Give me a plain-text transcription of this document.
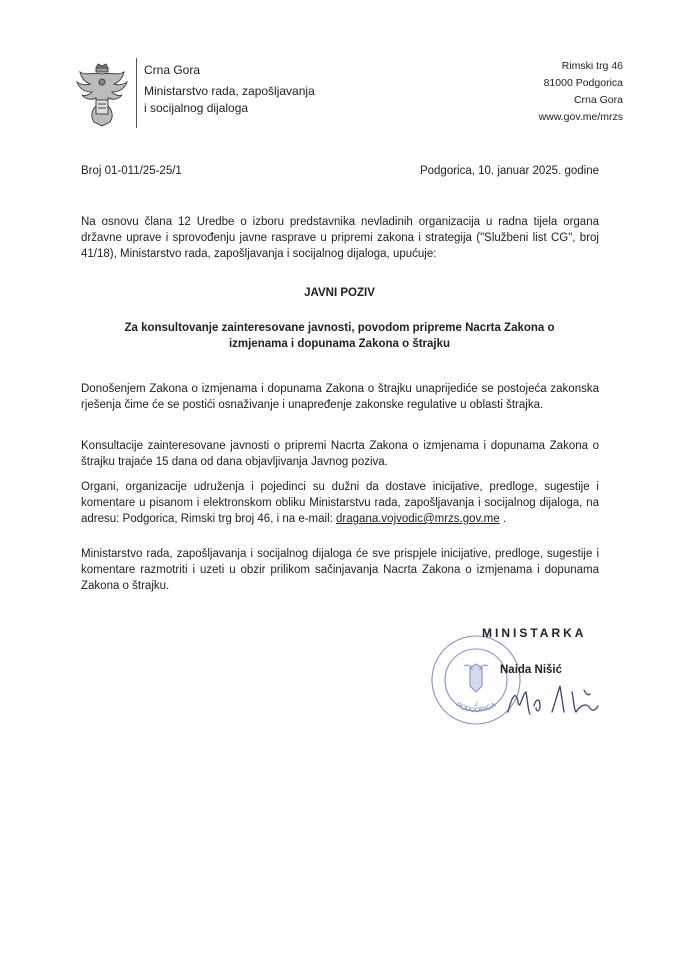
Crna Gora
Ministarstvo rada, zapošljavanja
i socijalnog dijaloga
Rimski trg 46
81000 Podgorica
Crna Gora
www.gov.me/mrzs
Broj 01-011/25-25/1	Podgorica, 10. januar 2025. godine
Na osnovu člana 12 Uredbe o izboru predstavnika nevladinih organizacija u radna tijela organa državne uprave i sprovođenju javne rasprave u pripremi zakona i strategija ("Službeni list CG", broj 41/18), Ministarstvo rada, zapošljavanja i socijalnog dijaloga, upućuje:
JAVNI POZIV
Za konsultovanje zainteresovane javnosti, povodom pripreme Nacrta Zakona o
izmjenama i dopunama Zakona o štrajku
Donošenjem Zakona o izmjenama i dopunama Zakona o štrajku unaprijediće se postojeća zakonska rješenja čime će se postići osnaživanje i unapređenje zakonske regulative u oblasti štrajka.
Konsultacije zainteresovane javnosti o pripremi Nacrta Zakona o izmjenama i dopunama Zakona o štrajku trajaće 15 dana od dana objavljivanja Javnog poziva.
Organi, organizacije udruženja i pojedinci su dužni da dostave inicijative, predloge, sugestije i komentare u pisanom i elektronskom obliku Ministarstvu rada, zapošljavanja i socijalnog dijaloga, na adresu: Podgorica, Rimski trg broj 46, i na e-mail: dragana.vojvodic@mrzs.gov.me .
Ministarstvo rada, zapošljavanja i socijalnog dijaloga će sve prispjele inicijative, predloge, sugestije i komentare razmotriti i uzeti u obzir prilikom sačinjavanja Nacrta Zakona o izmjenama i dopunama Zakona o štrajku.
PODGORICA
2
MINISTARKA
Naida Nišić
